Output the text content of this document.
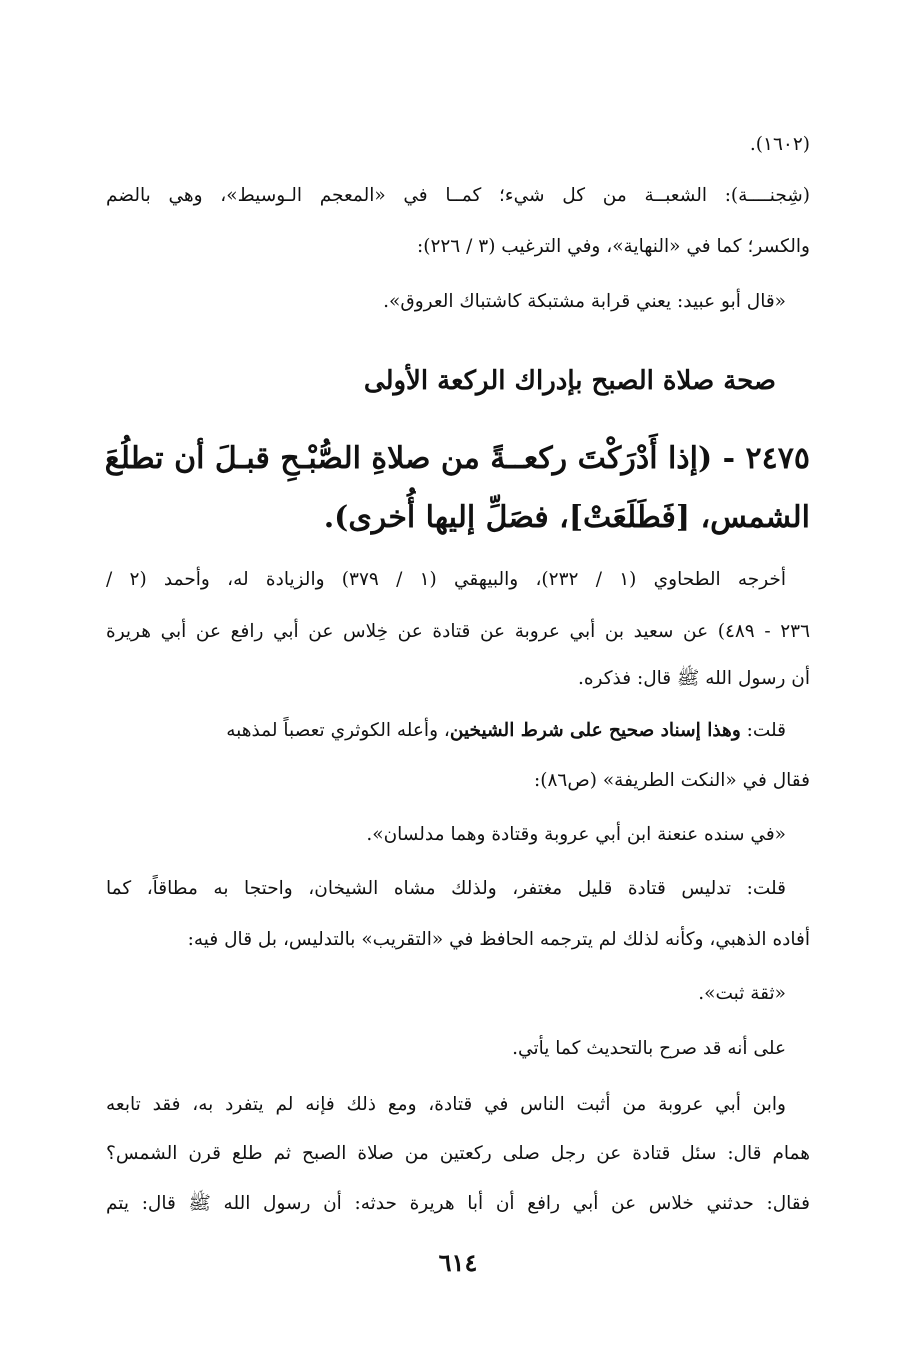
(١٦٠٢).
(شِجنــــة): الشعبــة من كل شيء؛ كمــا في «المعجم الـوسيط»، وهي بالضم
والكسر؛ كما في «النهاية»، وفي الترغيب (٣ / ٢٢٦):
«قال أبو عبيد: يعني قرابة مشتبكة كاشتباك العروق».
صحة صلاة الصبح بإدراك الركعة الأولى
٢٤٧٥ - (إذا أَدْرَكْتَ ركعــةً من صلاةِ الصُّبْـحِ قبـلَ أن تطلُعَ
الشمس، [فَطَلَعَتْ]، فصَلِّ إليها أُخرى).
أخرجه الطحاوي (١ / ٢٣٢)، والبيهقي (١ / ٣٧٩) والزيادة له، وأحمد (٢ /
٢٣٦ - ٤٨٩) عن سعيد بن أبي عروبة عن قتادة عن خِلاس عن أبي رافع عن أبي هريرة
أن رسول الله ﷺ قال: فذكره.
قلت: وهذا إسناد صحيح على شرط الشيخين، وأعله الكوثري تعصباً لمذهبه
فقال في «النكت الطريفة» (ص٨٦):
«في سنده عنعنة ابن أبي عروبة وقتادة وهما مدلسان».
قلت: تدليس قتادة قليل مغتفر، ولذلك مشاه الشيخان، واحتجا به مطاقاً، كما
أفاده الذهبي، وكأنه لذلك لم يترجمه الحافظ في «التقريب» بالتدليس، بل قال فيه:
«ثقة ثبت».
على أنه قد صرح بالتحديث كما يأتي.
وابن أبي عروبة من أثبت الناس في قتادة، ومع ذلك فإنه لم يتفرد به، فقد تابعه
همام قال: سئل قتادة عن رجل صلى ركعتين من صلاة الصبح ثم طلع قرن الشمس؟
فقال: حدثني خلاس عن أبي رافع أن أبا هريرة حدثه: أن رسول الله ﷺ قال: يتم
٦١٤
